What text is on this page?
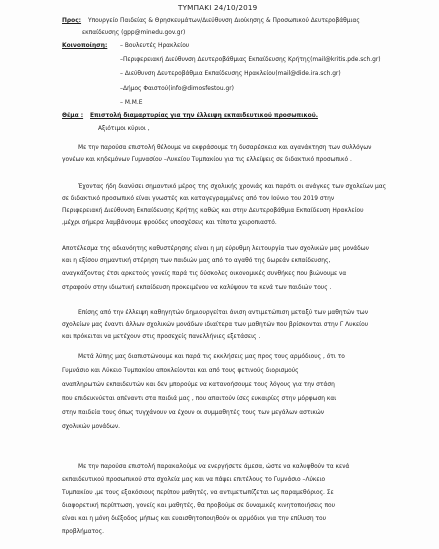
ΤΥΜΠΑΚΙ 24/10/2019
Προς: Υπουργείο Παιδείας & Θρησκευμάτων/Διεύθυνση Διοίκησης & Προσωπικού Δευτεροβάθμιας
εκπαίδευσης (gpp@minedu.gov.gr)
Κοινοποίηση: – Βουλευτές Ηρακλείου
–Περιφερειακή Διεύθυνση Δευτεροβάθμιας Εκπαίδευσης Κρήτης(mail@kritis.pde.sch.gr)
– Διεύθυνση Δευτεροβάθμια Εκπαίδευσης Ηρακλείου(mail@dide.ira.sch.gr)
–Δήμος Φαιστού(info@dimosfestou.gr)
– Μ.Μ.Ε
Θέμα : Επιστολή διαμαρτυρίας για την έλλειψη εκπαιδευτικού προσωπικού.
Αξιότιμοι κύριοι ,
Με την παρούσα επιστολή θέλουμε να εκφράσουμε τη δυσαρέσκεια και αγανάκτηση των συλλόγων
γονέων και κηδεμόνων Γυμνασίου –Λυκείου Τυμπακίου για τις ελλείψεις σε διδακτικό προσωπικό .
Έχοντας ήδη διανύσει σημαντικό μέρος της σχολικής χρονιάς και παρότι οι ανάγκες των σχολείων μας
σε διδακτικό προσωπικό είναι γνωστές και καταγεγραμμένες από τον Ιούνιο του 2019 στην
Περιφερειακή Διεύθυνση Εκπαίδευσης Κρήτης καθώς και στην Δευτεροβάθμια Εκπαίδευση Ηρακλείου
,μέχρι σήμερα λαμβάνουμε φρούδες υποσχέσεις και τίποτα χειροπιαστό.
Αποτέλεσμα της αδιανόητης καθυστέρησης είναι η μη εύρυθμη λειτουργία των σχολικών μας μονάδων
και η εξίσου σημαντική στέρηση των παιδιών μας από το αγαθό της δωρεάν εκπαίδευσης,
αναγκάζοντας έτσι αρκετούς γονείς παρά τις δύσκολες οικονομικές συνθήκες που βιώνουμε να
στραφούν στην ιδιωτική εκπαίδευση προκειμένου να καλύψουν τα κενά των παιδιών τους .
Επίσης από την έλλειψη καθηγητών δημιουργείται άνιση αντιμετώπιση μεταξύ των μαθητών των
σχολείων μας έναντι άλλων σχολικών μονάδων ιδιαίτερα των μαθητών που βρίσκονται στην Γ Λυκείου
και πρόκειται να μετέχουν στις προσεχείς πανελλήνιες εξετάσεις .
Μετά λύπης μας διαπιστώνουμε και παρά τις εκκλήσεις μας προς τους αρμόδιους , ότι το
Γυμνάσιο και Λύκειο Τυμπακίου αποκλείονται και από τους φετινούς διορισμούς
αναπληρωτών εκπαιδευτών και δεν μπορούμε να κατανοήσουμε τους λόγους για την στάση
που επιδεικνύεται απέναντι στα παιδιά μας , που απαιτούν ίσες ευκαιρίες στην μόρφωση και
στην παιδεία τους όπως τυγχάνουν να έχουν οι συμμαθητές τους των μεγάλων αστικών
σχολικών μονάδων.
Με την παρούσα επιστολή παρακαλούμε να ενεργήσετε άμεσα, ώστε να καλυφθούν τα κενά
εκπαιδευτικού προσωπικού στα σχολεία μας και να πάψει επιτέλους το Γυμνάσιο –Λύκειο
Τυμπακίου ,με τους εξακόσιους περίπου μαθητές, να αντιμετωπίζεται ως παραμεθόριος. Σε
διαφορετική περίπτωση, γονείς και μαθητές, θα προβούμε σε δυναμικές κινητοποιήσεις που
είναι και η μόνη διέξοδος μήπως και ευαισθητοποιηθούν οι αρμόδιοι για την επίλυση του
προβλήματος.
